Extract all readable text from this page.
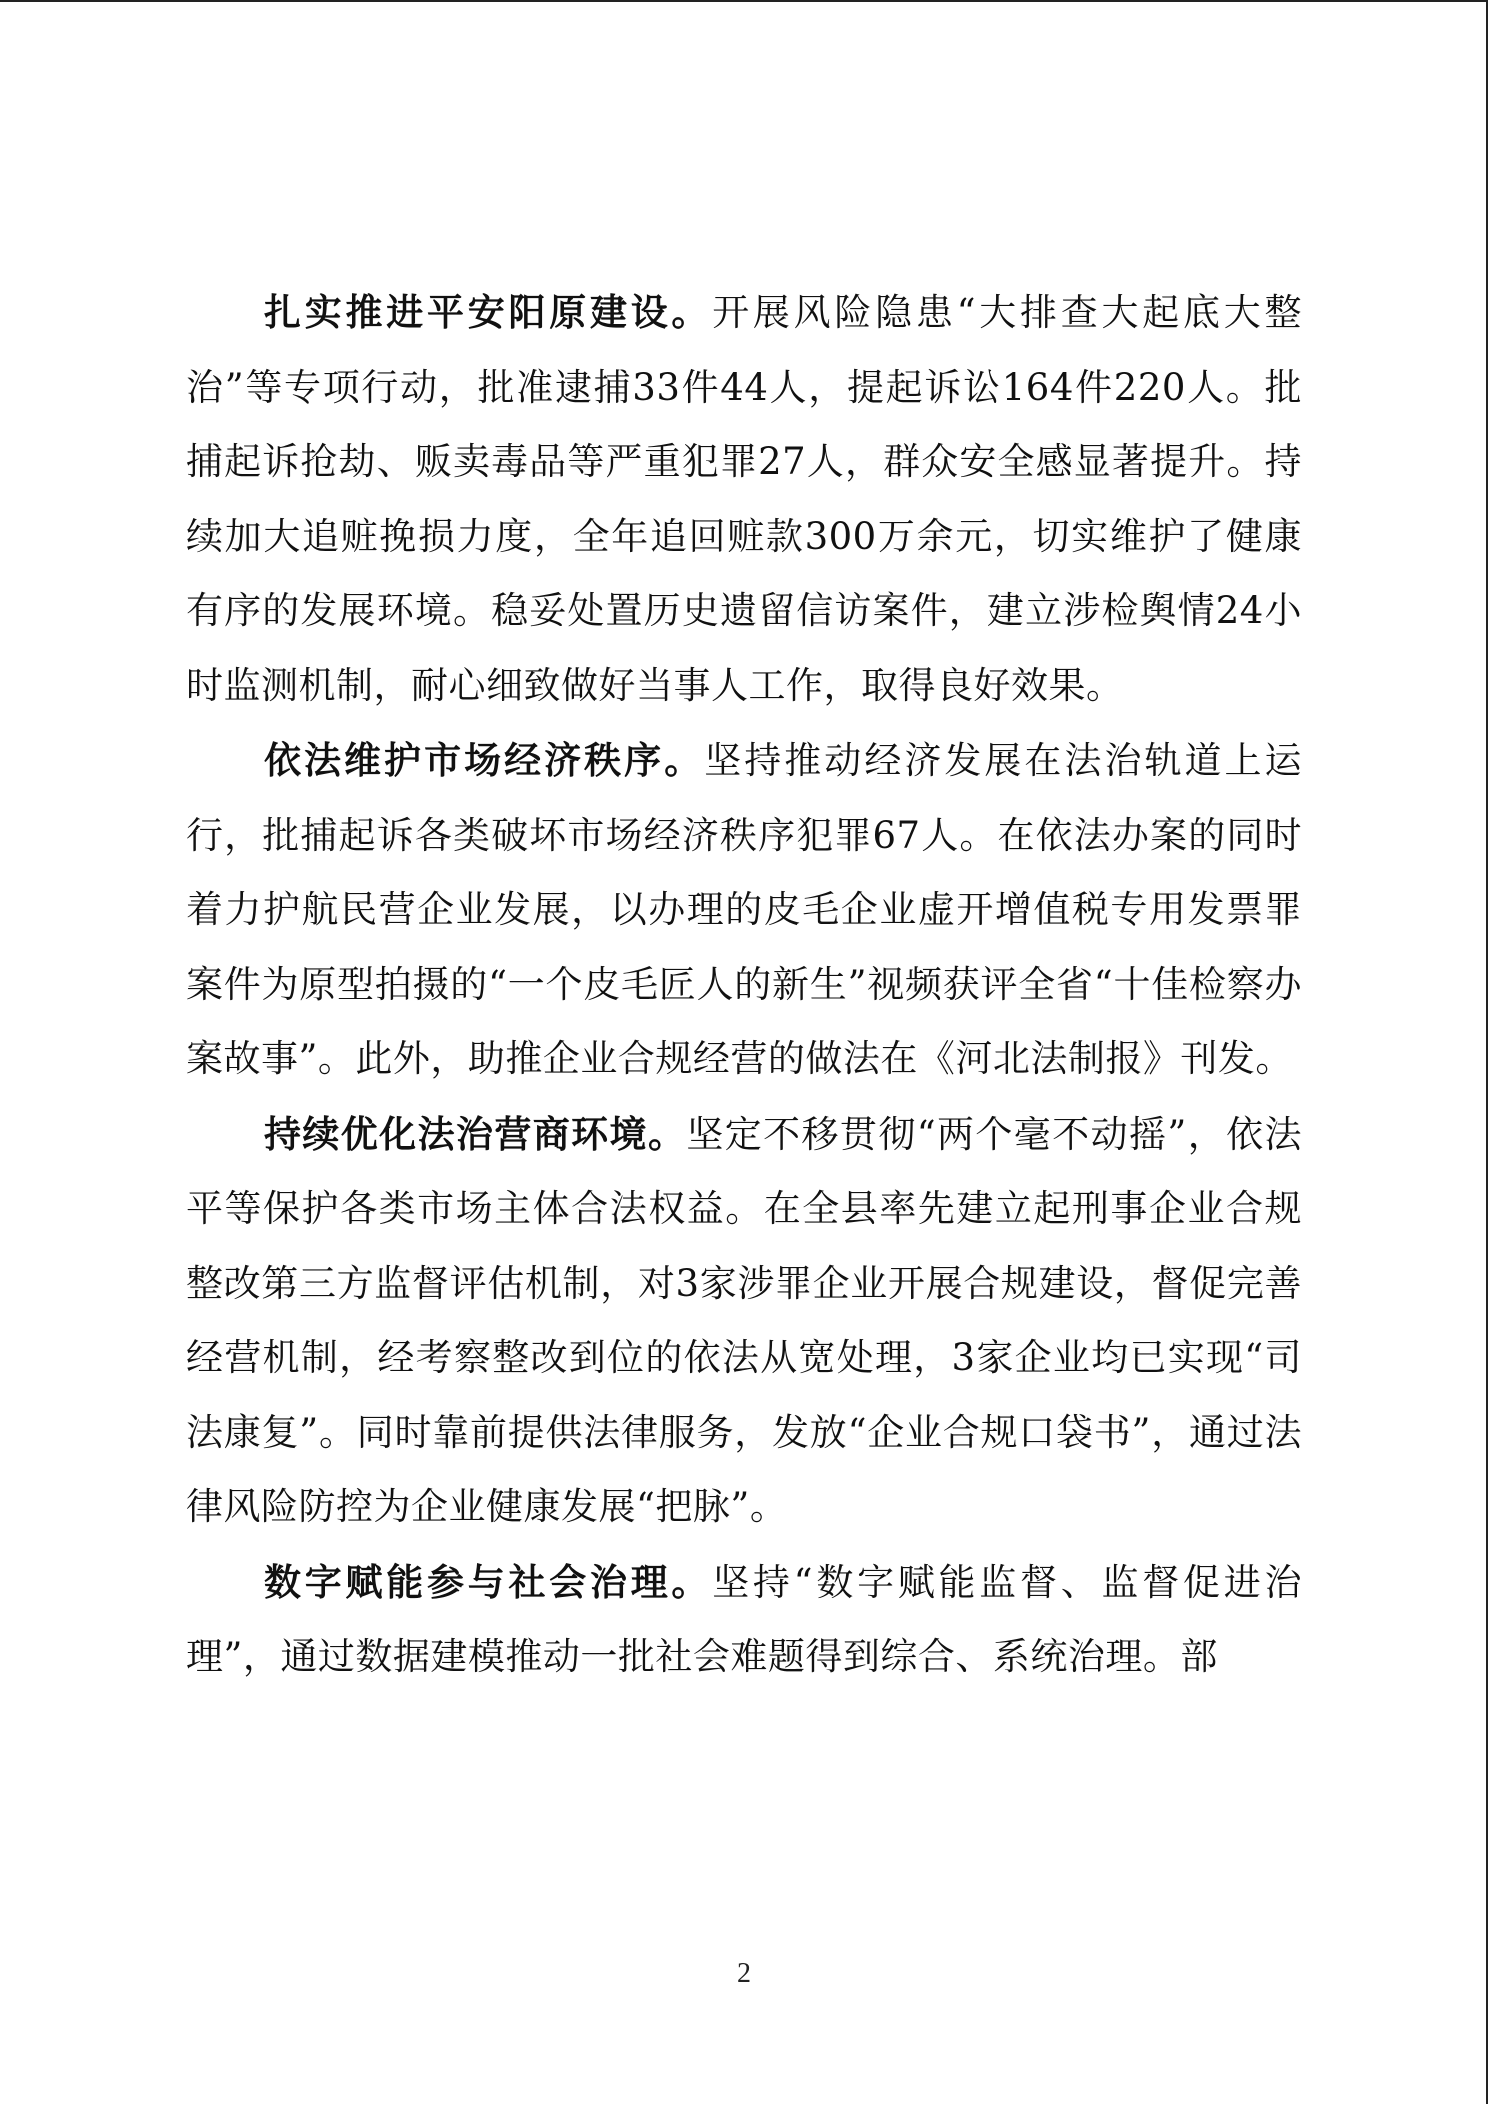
扎实推进平安阳原建设。开展风险隐患“大排查大起底大整治”等专项行动，批准逮捕33件44人，提起诉讼164件220人。批捕起诉抢劫、贩卖毒品等严重犯罪27人，群众安全感显著提升。持续加大追赃挽损力度，全年追回赃款300万余元，切实维护了健康有序的发展环境。稳妥处置历史遗留信访案件，建立涉检舆情24小时监测机制，耐心细致做好当事人工作，取得良好效果。

依法维护市场经济秩序。坚持推动经济发展在法治轨道上运行，批捕起诉各类破坏市场经济秩序犯罪67人。在依法办案的同时着力护航民营企业发展，以办理的皮毛企业虚开增值税专用发票罪案件为原型拍摄的“一个皮毛匠人的新生”视频获评全省“十佳检察办案故事”。此外，助推企业合规经营的做法在《河北法制报》刊发。

持续优化法治营商环境。坚定不移贯彻“两个毫不动摇”，依法平等保护各类市场主体合法权益。在全县率先建立起刑事企业合规整改第三方监督评估机制，对3家涉罪企业开展合规建设，督促完善经营机制，经考察整改到位的依法从宽处理，3家企业均已实现“司法康复”。同时靠前提供法律服务，发放“企业合规口袋书”，通过法律风险防控为企业健康发展“把脉”。

数字赋能参与社会治理。坚持“数字赋能监督、监督促进治理”，通过数据建模推动一批社会难题得到综合、系统治理。部

2
